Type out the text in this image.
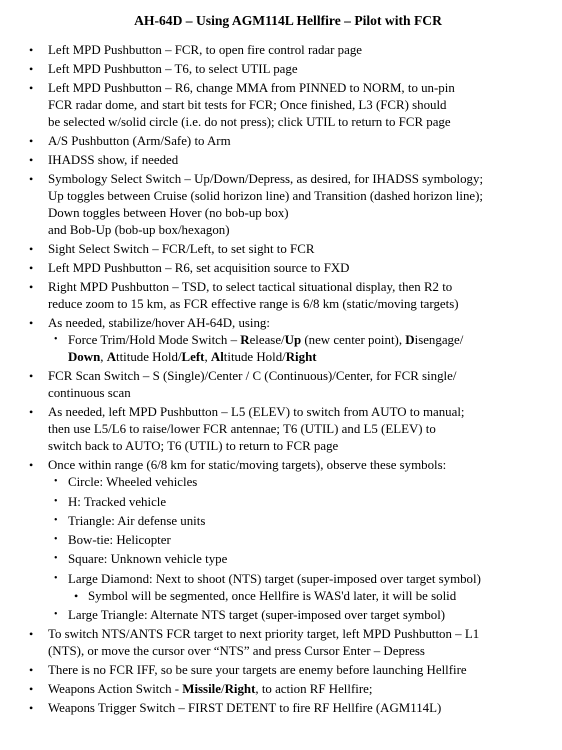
AH-64D – Using AGM114L Hellfire – Pilot with FCR
• Left MPD Pushbutton – FCR, to open fire control radar page
• Left MPD Pushbutton – T6, to select UTIL page
• Left MPD Pushbutton – R6, change MMA from PINNED to NORM, to un-pin
FCR radar dome, and start bit tests for FCR; Once finished, L3 (FCR) should
be selected w/solid circle (i.e. do not press); click UTIL to return to FCR page
• A/S Pushbutton (Arm/Safe) to Arm
• IHADSS show, if needed
• Symbology Select Switch – Up/Down/Depress, as desired, for IHADSS symbology;
Up toggles between Cruise (solid horizon line) and Transition (dashed horizon line);
Down toggles between Hover (no bob-up box)
and Bob-Up (bob-up box/hexagon)
• Sight Select Switch – FCR/Left, to set sight to FCR
• Left MPD Pushbutton – R6, set acquisition source to FXD
• Right MPD Pushbutton – TSD, to select tactical situational display, then R2 to
reduce zoom to 15 km, as FCR effective range is 6/8 km (static/moving targets)
• As needed, stabilize/hover AH-64D, using:
• Force Trim/Hold Mode Switch – Release/Up (new center point), Disengage/
Down, Attitude Hold/Left, Altitude Hold/Right
• FCR Scan Switch – S (Single)/Center / C (Continuous)/Center, for FCR single/
continuous scan
• As needed, left MPD Pushbutton – L5 (ELEV) to switch from AUTO to manual;
then use L5/L6 to raise/lower FCR antennae; T6 (UTIL) and L5 (ELEV) to
switch back to AUTO; T6 (UTIL) to return to FCR page
• Once within range (6/8 km for static/moving targets), observe these symbols:
• Circle: Wheeled vehicles
• H: Tracked vehicle
• Triangle: Air defense units
• Bow-tie: Helicopter
• Square: Unknown vehicle type
• Large Diamond: Next to shoot (NTS) target (super-imposed over target symbol)
• Symbol will be segmented, once Hellfire is WAS'd later, it will be solid
• Large Triangle: Alternate NTS target (super-imposed over target symbol)
• To switch NTS/ANTS FCR target to next priority target, left MPD Pushbutton – L1
(NTS), or move the cursor over “NTS” and press Cursor Enter – Depress
• There is no FCR IFF, so be sure your targets are enemy before launching Hellfire
• Weapons Action Switch - Missile/Right, to action RF Hellfire;
• Weapons Trigger Switch – FIRST DETENT to fire RF Hellfire (AGM114L)
